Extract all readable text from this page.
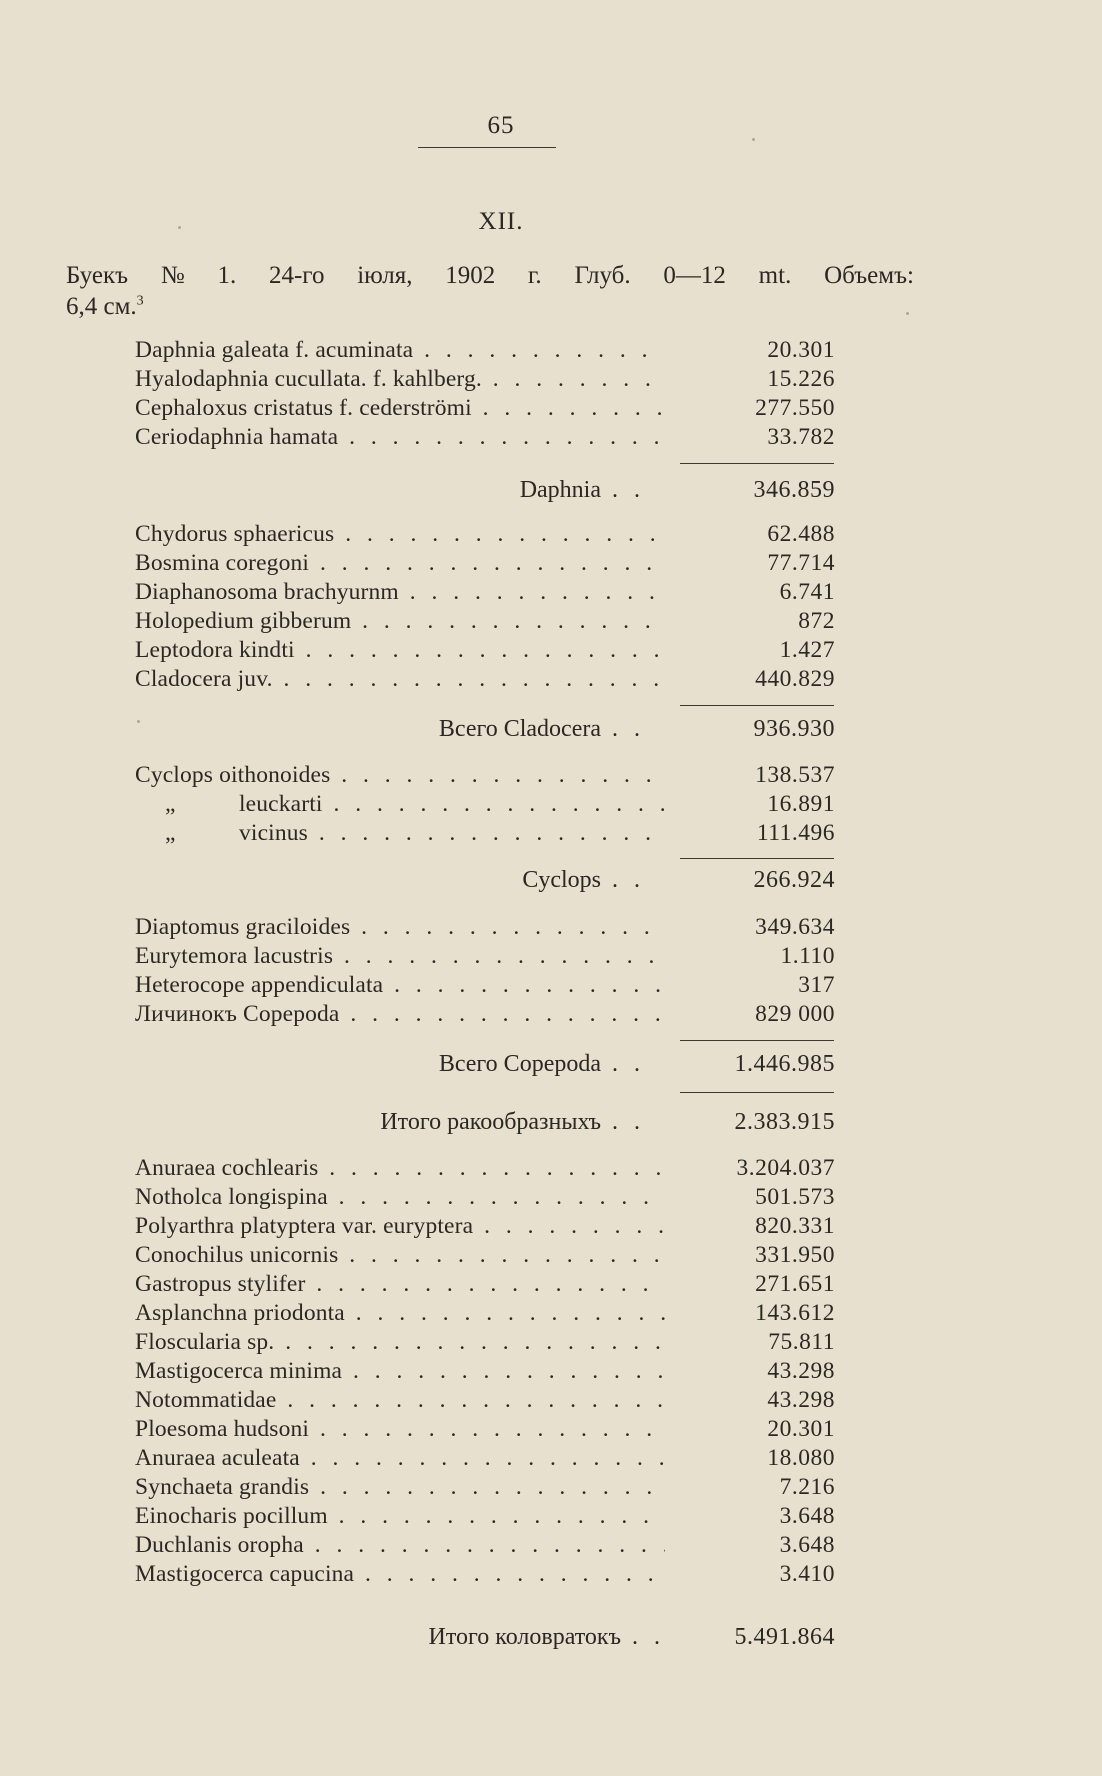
65
XII.
Буекъ № 1. 24-го іюля, 1902 г. Глуб. 0—12 mt. Объемъ:
6,4 см.$^3$
Daphnia galeata f. acuminata . . .	20.301
Hyalodaphnia cucullata. f. kahlberg. . . .	15.226
Cephaloxus cristatus f. cederströmi . . .	277.550
Ceriodaphnia hamata . . .	33.782
Daphnia . .	346.859
Chydorus sphaericus . . .	62.488
Bosmina coregoni . . .	77.714
Diaphanosoma brachyurnm . . .	6.741
Holopedium gibberum . . .	872
Leptodora kindti . . .	1.427
Cladocera juv. . . .	440.829
Всего Cladocera . .	936.930
Cyclops oithonoides . . .	138.537
„	leuckarti . . .	16.891
„	vicinus . . .	111.496
Cyclops . .	266.924
Diaptomus graciloides . . .	349.634
Eurytemora lacustris . . .	1.110
Heterocope appendiculata . . .	317
Личинокъ Copepoda . . .	829 000
Всего Copepoda . .	1.446.985
Итого ракообразныхъ . .	2.383.915
Anuraea cochlearis . . .	3.204.037
Notholca longispina . . .	501.573
Polyarthra platyptera var. euryptera . . .	820.331
Conochilus unicornis . . .	331.950
Gastropus stylifer . . .	271.651
Asplanchna priodonta . . .	143.612
Floscularia sp. . . .	75.811
Mastigocerca minima . . .	43.298
Notommatidae . . .	43.298
Ploesoma hudsoni . . .	20.301
Anuraea aculeata . . .	18.080
Synchaeta grandis . . .	7.216
Einocharis pocillum . . .	3.648
Duchlanis oropha . . .	3.648
Mastigocerca capucina . . .	3.410
Итого коловратокъ . .	5.491.864
